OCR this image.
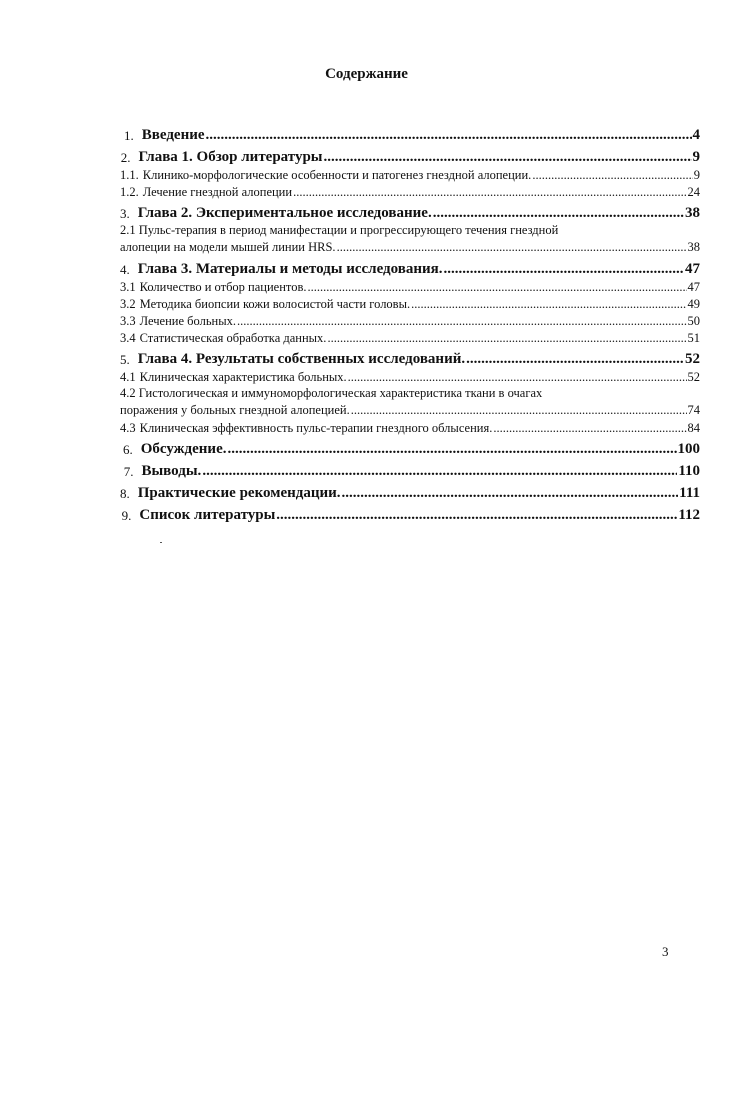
Содержание
1. Введение .....	4
2. Глава 1. Обзор литературы .....	9
1.1. Клинико-морфологические особенности и патогенез гнездной алопеции. .....	9
1.2. Лечение гнездной алопеции .....	24
3. Глава 2. Экспериментальное исследование. .....	38
2.1 Пульс-терапия в период манифестации и прогрессирующего течения гнездной
алопеции на модели мышей линии HRS. .....	38
4. Глава 3. Материалы и методы исследования. .....	47
3.1 Количество и отбор пациентов. .....	47
3.2 Методика биопсии кожи волосистой части головы. .....	49
3.3 Лечение больных. .....	50
3.4 Статистическая обработка данных. .....	51
5. Глава 4. Результаты собственных исследований. .....	52
4.1 Клиническая характеристика больных. .....	52
4.2 Гистологическая и иммуноморфологическая характеристика ткани в очагах
поражения у больных гнездной алопецией. .....	74
4.3 Клиническая эффективность пульс-терапии гнездного облысения. .....	84
6. Обсуждение. .....	100
7. Выводы. .....	110
8. Практические рекомендации. .....	111
9. Список литературы .....	112
3
